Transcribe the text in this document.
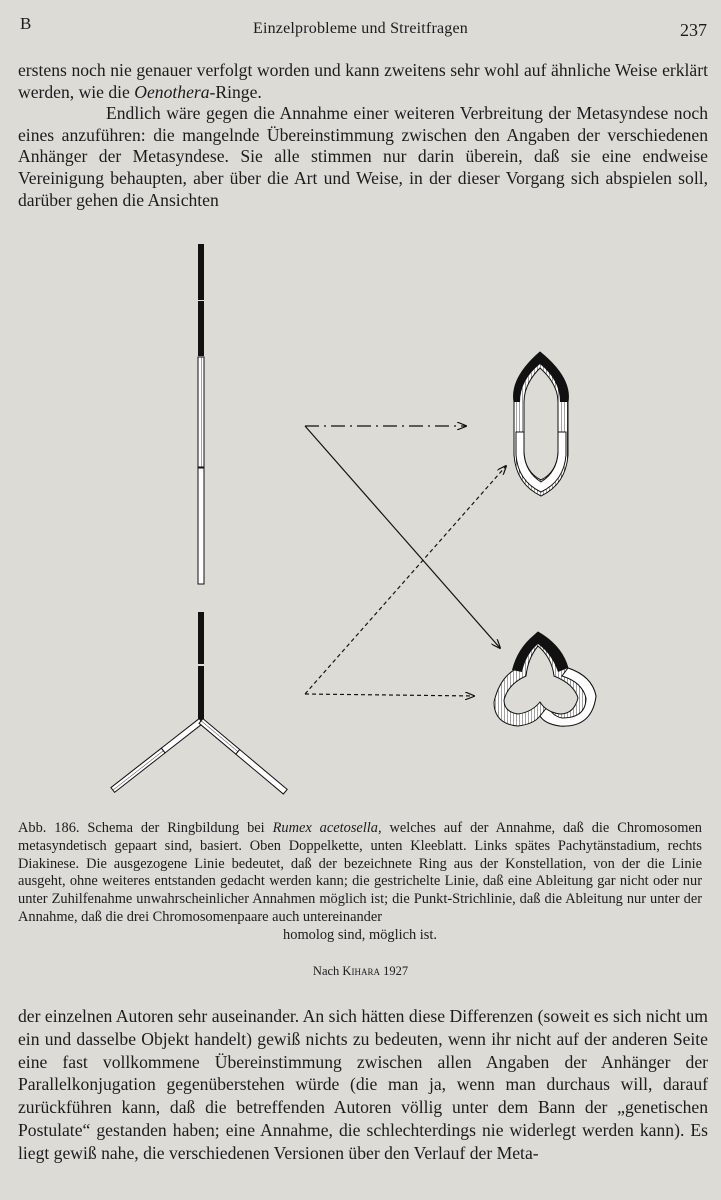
B	Einzelprobleme und Streitfragen	237

erstens noch nie genauer verfolgt worden und kann zweitens sehr wohl auf ähnliche Weise erklärt werden, wie die Oenothera-Ringe.

Endlich wäre gegen die Annahme einer weiteren Verbreitung der Metasyndese noch eines anzuführen: die mangelnde Übereinstimmung zwischen den Angaben der verschiedenen Anhänger der Metasyndese. Sie alle stimmen nur darin überein, daß sie eine endweise Vereinigung behaupten, aber über die Art und Weise, in der dieser Vorgang sich abspielen soll, darüber gehen die Ansichten

Abb. 186. Schema der Ringbildung bei Rumex acetosella, welches auf der Annahme, daß die Chromosomen metasyndetisch gepaart sind, basiert. Oben Doppelkette, unten Kleeblatt. Links spätes Pachytänstadium, rechts Diakinese. Die ausgezogene Linie bedeutet, daß der bezeichnete Ring aus der Konstellation, von der die Linie ausgeht, ohne weiteres entstanden gedacht werden kann; die gestrichelte Linie, daß eine Ableitung gar nicht oder nur unter Zuhilfenahme unwahrscheinlicher Annahmen möglich ist; die Punkt-Strichlinie, daß die Ableitung nur unter der Annahme, daß die drei Chromosomenpaare auch untereinander

homolog sind, möglich ist.

Nach Kihara 1927

der einzelnen Autoren sehr auseinander. An sich hätten diese Differenzen (soweit es sich nicht um ein und dasselbe Objekt handelt) gewiß nichts zu bedeuten, wenn ihr nicht auf der anderen Seite eine fast vollkommene Übereinstimmung zwischen allen Angaben der Anhänger der Parallelkonjugation gegenüberstehen würde (die man ja, wenn man durchaus will, darauf zurückführen kann, daß die betreffenden Autoren völlig unter dem Bann der „genetischen Postulate“ gestanden haben; eine Annahme, die schlechterdings nie widerlegt werden kann). Es liegt gewiß nahe, die verschiedenen Versionen über den Verlauf der Meta-
